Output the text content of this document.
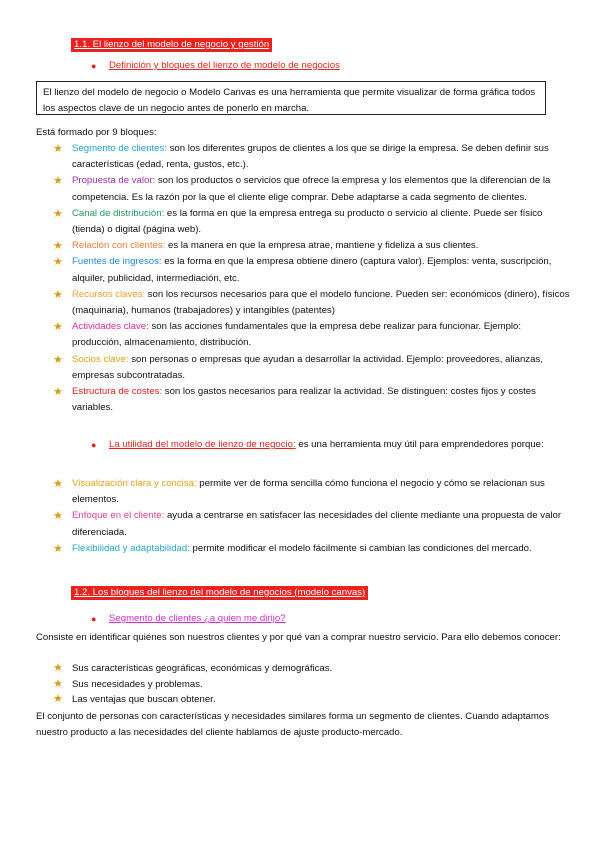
1.1. El lienzo del modelo de negocio y gestión
● Definición y bloques del lienzo de modelo de negocios
El lienzo del modelo de negocio o Modelo Canvas es una herramienta que permite visualizar de forma gráfica todos los aspectos clave de un negocio antes de ponerlo en marcha.
Está formado por 9 bloques:
★ Segmento de clientes: son los diferentes grupos de clientes a los que se dirige la empresa. Se deben definir sus características (edad, renta, gustos, etc.).
★ Propuesta de valor: son los productos o servicios que ofrece la empresa y los elementos que la diferencian de la competencia. Es la razón por la que el cliente elige comprar. Debe adaptarse a cada segmento de clientes.
★ Canal de distribución: es la forma en que la empresa entrega su producto o servicio al cliente. Puede ser físico (tienda) o digital (página web).
★ Relación con clientes: es la manera en que la empresa atrae, mantiene y fideliza a sus clientes.
★ Fuentes de ingresos: es la forma en que la empresa obtiene dinero (captura valor). Ejemplos: venta, suscripción, alquiler, publicidad, intermediación, etc.
★ Recursos claves: son los recursos necesarios para que el modelo funcione. Pueden ser: económicos (dinero), físicos (maquinaria), humanos (trabajadores) y intangibles (patentes)
★ Actividades clave: son las acciones fundamentales que la empresa debe realizar para funcionar. Ejemplo: producción, almacenamiento, distribución.
★ Socios clave: son personas o empresas que ayudan a desarrollar la actividad. Ejemplo: proveedores, alianzas, empresas subcontratadas.
★ Estructura de costes: son los gastos necesarios para realizar la actividad. Se distinguen: costes fijos y costes variables.
● La utilidad del modelo de lienzo de negocio: es una herramienta muy útil para emprendedores porque:
★ Visualización clara y concisa: permite ver de forma sencilla cómo funciona el negocio y cómo se relacionan sus elementos.
★ Enfoque en el cliente: ayuda a centrarse en satisfacer las necesidades del cliente mediante una propuesta de valor diferenciada.
★ Flexibilidad y adaptabilidad: permite modificar el modelo fácilmente si cambian las condiciones del mercado.
1.2. Los bloques del lienzo del modelo de negocios (modelo canvas)
● Segmento de clientes ¿a quien me dirijo?
Consiste en identificar quiénes son nuestros clientes y por qué van a comprar nuestro servicio. Para ello debemos conocer:
★ Sus características geográficas, económicas y demográficas.
★ Sus necesidades y problemas.
★ Las ventajas que buscan obtener.
El conjunto de personas con características y necesidades similares forma un segmento de clientes. Cuando adaptamos nuestro producto a las necesidades del cliente hablamos de ajuste producto-mercado.
